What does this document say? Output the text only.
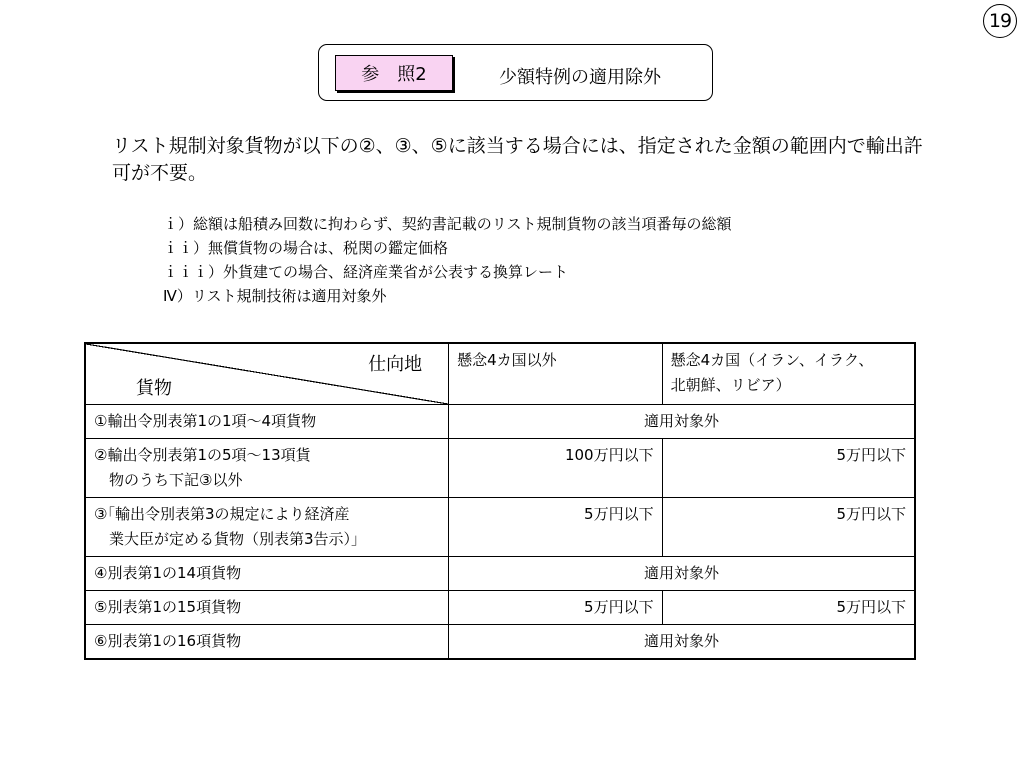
19
参　照2	少額特例の適用除外
リスト規制対象貨物が以下の②、③、⑤に該当する場合には、指定された金額の範囲内で輸出許可が不要。
ｉ）総額は船積み回数に拘わらず、契約書記載のリスト規制貨物の該当項番毎の総額
ｉｉ）無償貨物の場合は、税関の鑑定価格
ｉｉｉ）外貨建ての場合、経済産業省が公表する換算レート
Ⅳ）リスト規制技術は適用対象外
仕向地
貨物	懸念4カ国以外	懸念4カ国（イラン、イラク、
北朝鮮、リビア）
①輸出令別表第1の1項～4項貨物	適用対象外	
②輸出令別表第1の5項～13項貨
　物のうち下記③以外	100万円以下	5万円以下
③｢輸出令別表第3の規定により経済産
　業大臣が定める貨物（別表第3告示）」	5万円以下	5万円以下
④別表第1の14項貨物	適用対象外	
⑤別表第1の15項貨物	5万円以下	5万円以下
⑥別表第1の16項貨物	適用対象外	
